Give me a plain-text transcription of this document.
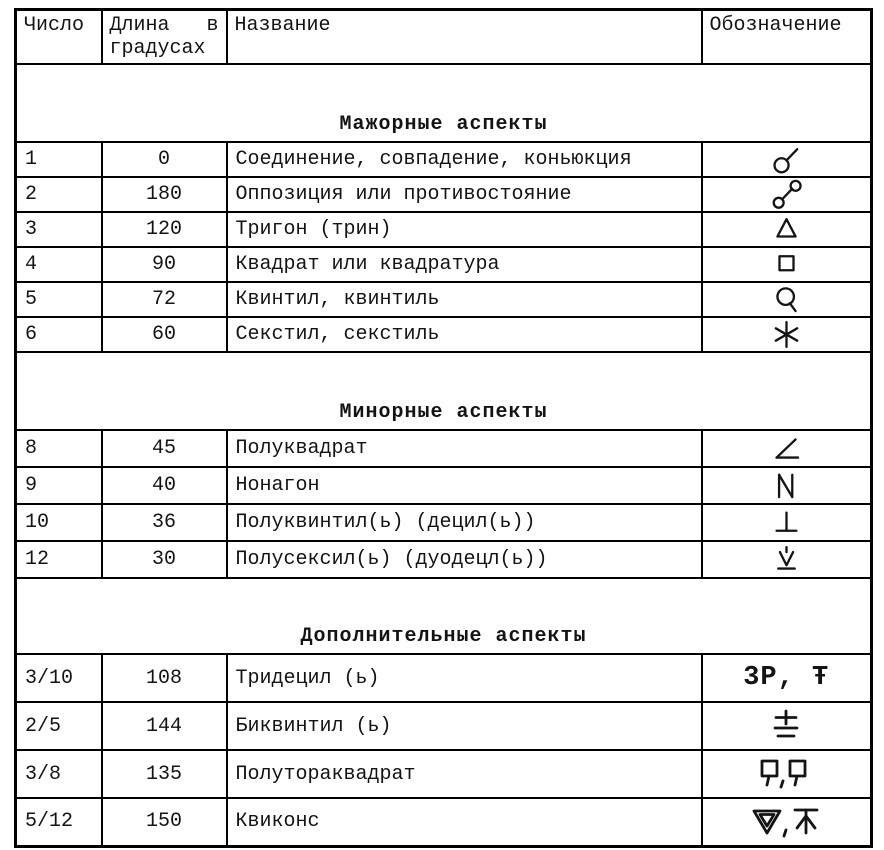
Число	Длина в градусах	Название	Обозначение
Мажорные аспекты			
1	0	Соединение, совпадение, коньюкция	

2	180	Оппозиция или противостояние	

3	120	Тригон (трин)	

4	90	Квадрат или квадратура	

5	72	Квинтил, квинтиль	

6	60	Секстил, секстиль	

Минорные аспекты			
8	45	Полуквадрат	

9	40	Нонагон	

10	36	Полуквинтил(ь) (децил(ь))	

12	30	Полусексил(ь) (дуодецл(ь))	

Дополнительные аспекты			
3/10	108	Тридецил (ь)	3P, Ŧ
2/5	144	Биквинтил (ь)	

3/8	135	Полутораквадрат	

5/12	150	Квиконс	
